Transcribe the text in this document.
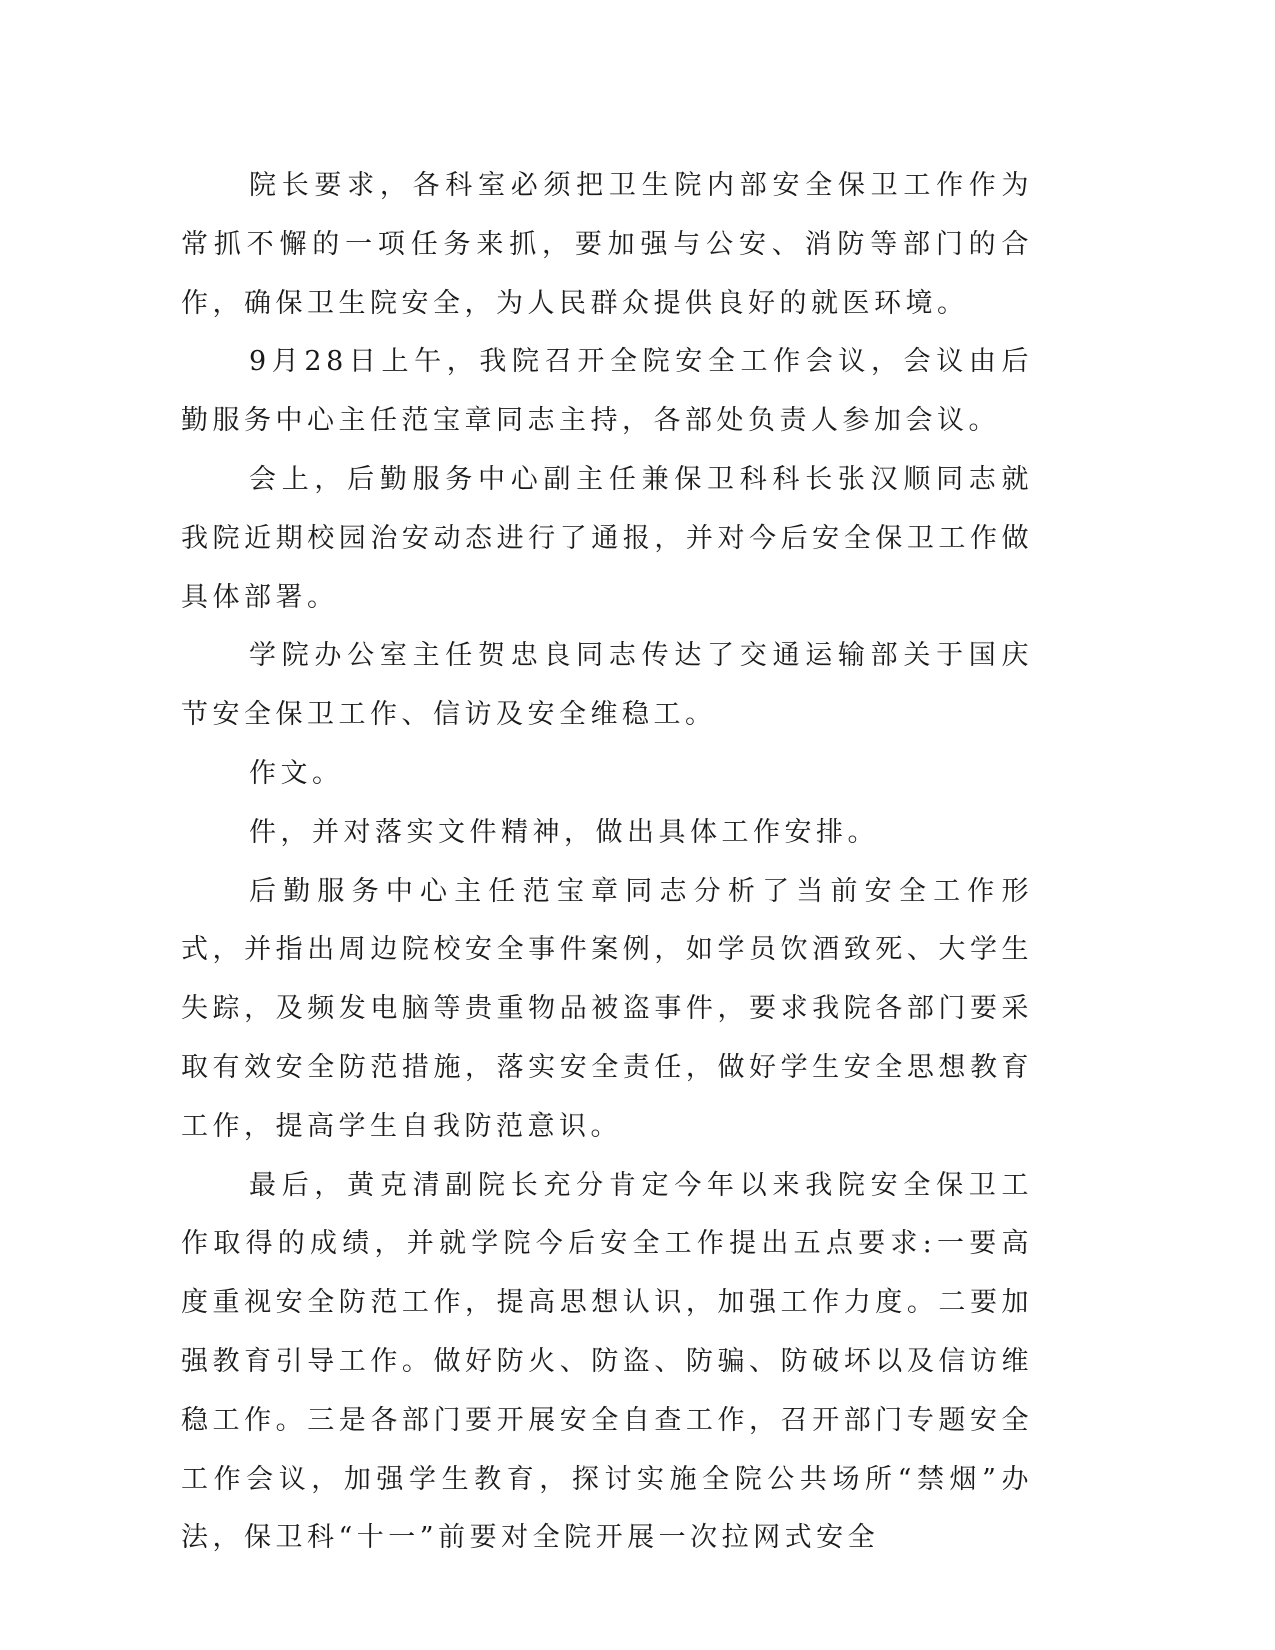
院长要求，各科室必须把卫生院内部安全保卫工作作为常抓不懈的一项任务来抓，要加强与公安、消防等部门的合作，确保卫生院安全，为人民群众提供良好的就医环境。

9月28日上午，我院召开全院安全工作会议，会议由后勤服务中心主任范宝章同志主持，各部处负责人参加会议。

会上，后勤服务中心副主任兼保卫科科长张汉顺同志就我院近期校园治安动态进行了通报，并对今后安全保卫工作做具体部署。

学院办公室主任贺忠良同志传达了交通运输部关于国庆节安全保卫工作、信访及安全维稳工。

作文。

件，并对落实文件精神，做出具体工作安排。

后勤服务中心主任范宝章同志分析了当前安全工作形式，并指出周边院校安全事件案例，如学员饮酒致死、大学生失踪，及频发电脑等贵重物品被盗事件，要求我院各部门要采取有效安全防范措施，落实安全责任，做好学生安全思想教育工作，提高学生自我防范意识。

最后，黄克清副院长充分肯定今年以来我院安全保卫工作取得的成绩，并就学院今后安全工作提出五点要求:一要高度重视安全防范工作，提高思想认识，加强工作力度。二要加强教育引导工作。做好防火、防盗、防骗、防破坏以及信访维稳工作。三是各部门要开展安全自查工作，召开部门专题安全工作会议，加强学生教育，探讨实施全院公共场所“禁烟”办法，保卫科“十一”前要对全院开展一次拉网式安全
